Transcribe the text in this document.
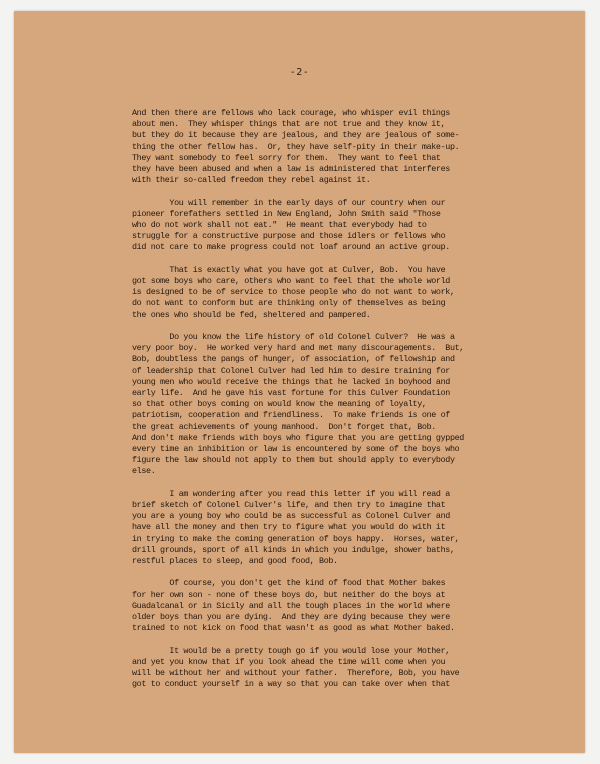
-2-

And then there are fellows who lack courage, who whisper evil things
about men.  They whisper things that are not true and they know it,
but they do it because they are jealous, and they are jealous of some-
thing the other fellow has.  Or, they have self-pity in their make-up.
They want somebody to feel sorry for them.  They want to feel that
they have been abused and when a law is administered that interferes
with their so-called freedom they rebel against it.

You will remember in the early days of our country when our
pioneer forefathers settled in New England, John Smith said "Those
who do not work shall not eat."  He meant that everybody had to
struggle for a constructive purpose and those idlers or fellows who
did not care to make progress could not loaf around an active group.

That is exactly what you have got at Culver, Bob.  You have
got some boys who care, others who want to feel that the whole world
is designed to be of service to those people who do not want to work,
do not want to conform but are thinking only of themselves as being
the ones who should be fed, sheltered and pampered.

Do you know the life history of old Colonel Culver?  He was a
very poor boy.  He worked very hard and met many discouragements.  But,
Bob, doubtless the pangs of hunger, of association, of fellowship and
of leadership that Colonel Culver had led him to desire training for
young men who would receive the things that he lacked in boyhood and
early life.  And he gave his vast fortune for this Culver Foundation
so that other boys coming on would know the meaning of loyalty,
patriotism, cooperation and friendliness.  To make friends is one of
the great achievements of young manhood.  Don't forget that, Bob.
And don't make friends with boys who figure that you are getting gypped
every time an inhibition or law is encountered by some of the boys who
figure the law should not apply to them but should apply to everybody
else.

I am wondering after you read this letter if you will read a
brief sketch of Colonel Culver's life, and then try to imagine that
you are a young boy who could be as successful as Colonel Culver and
have all the money and then try to figure what you would do with it
in trying to make the coming generation of boys happy.  Horses, water,
drill grounds, sport of all kinds in which you indulge, shower baths,
restful places to sleep, and good food, Bob.

Of course, you don't get the kind of food that Mother bakes
for her own son - none of these boys do, but neither do the boys at
Guadalcanal or in Sicily and all the tough places in the world where
older boys than you are dying.  And they are dying because they were
trained to not kick on food that wasn't as good as what Mother baked.

It would be a pretty tough go if you would lose your Mother,
and yet you know that if you look ahead the time will come when you
will be without her and without your father.  Therefore, Bob, you have
got to conduct yourself in a way so that you can take over when that
